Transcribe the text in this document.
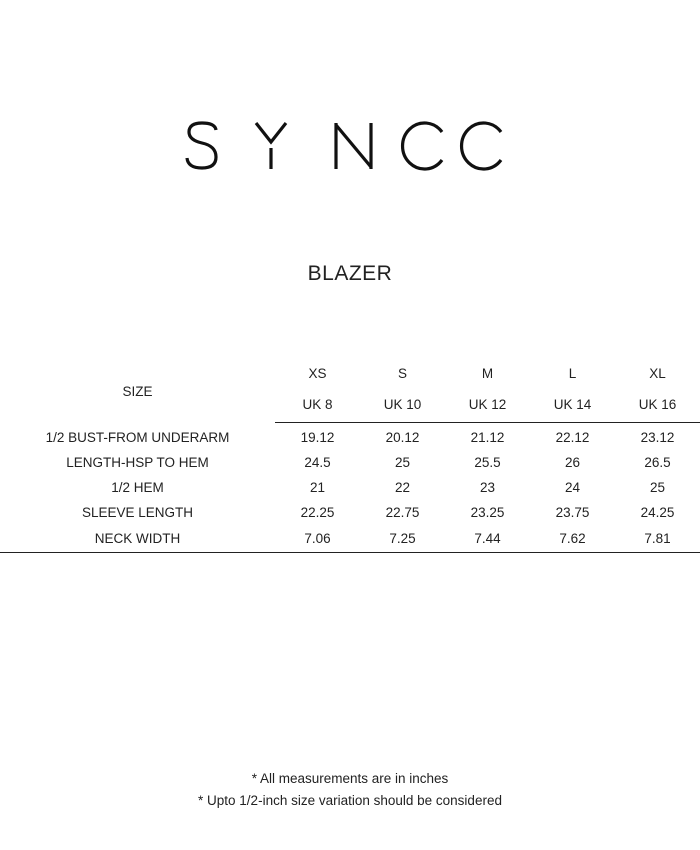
BLAZER
SIZE	XS	S	M	L	XL
	UK 8	UK 10	UK 12	UK 14	UK 16
1/2 BUST-FROM UNDERARM	19.12	20.12	21.12	22.12	23.12
LENGTH-HSP TO HEM	24.5	25	25.5	26	26.5
1/2 HEM	21	22	23	24	25
SLEEVE LENGTH	22.25	22.75	23.25	23.75	24.25
NECK WIDTH	7.06	7.25	7.44	7.62	7.81
* All measurements are in inches
* Upto 1/2-inch size variation should be considered
